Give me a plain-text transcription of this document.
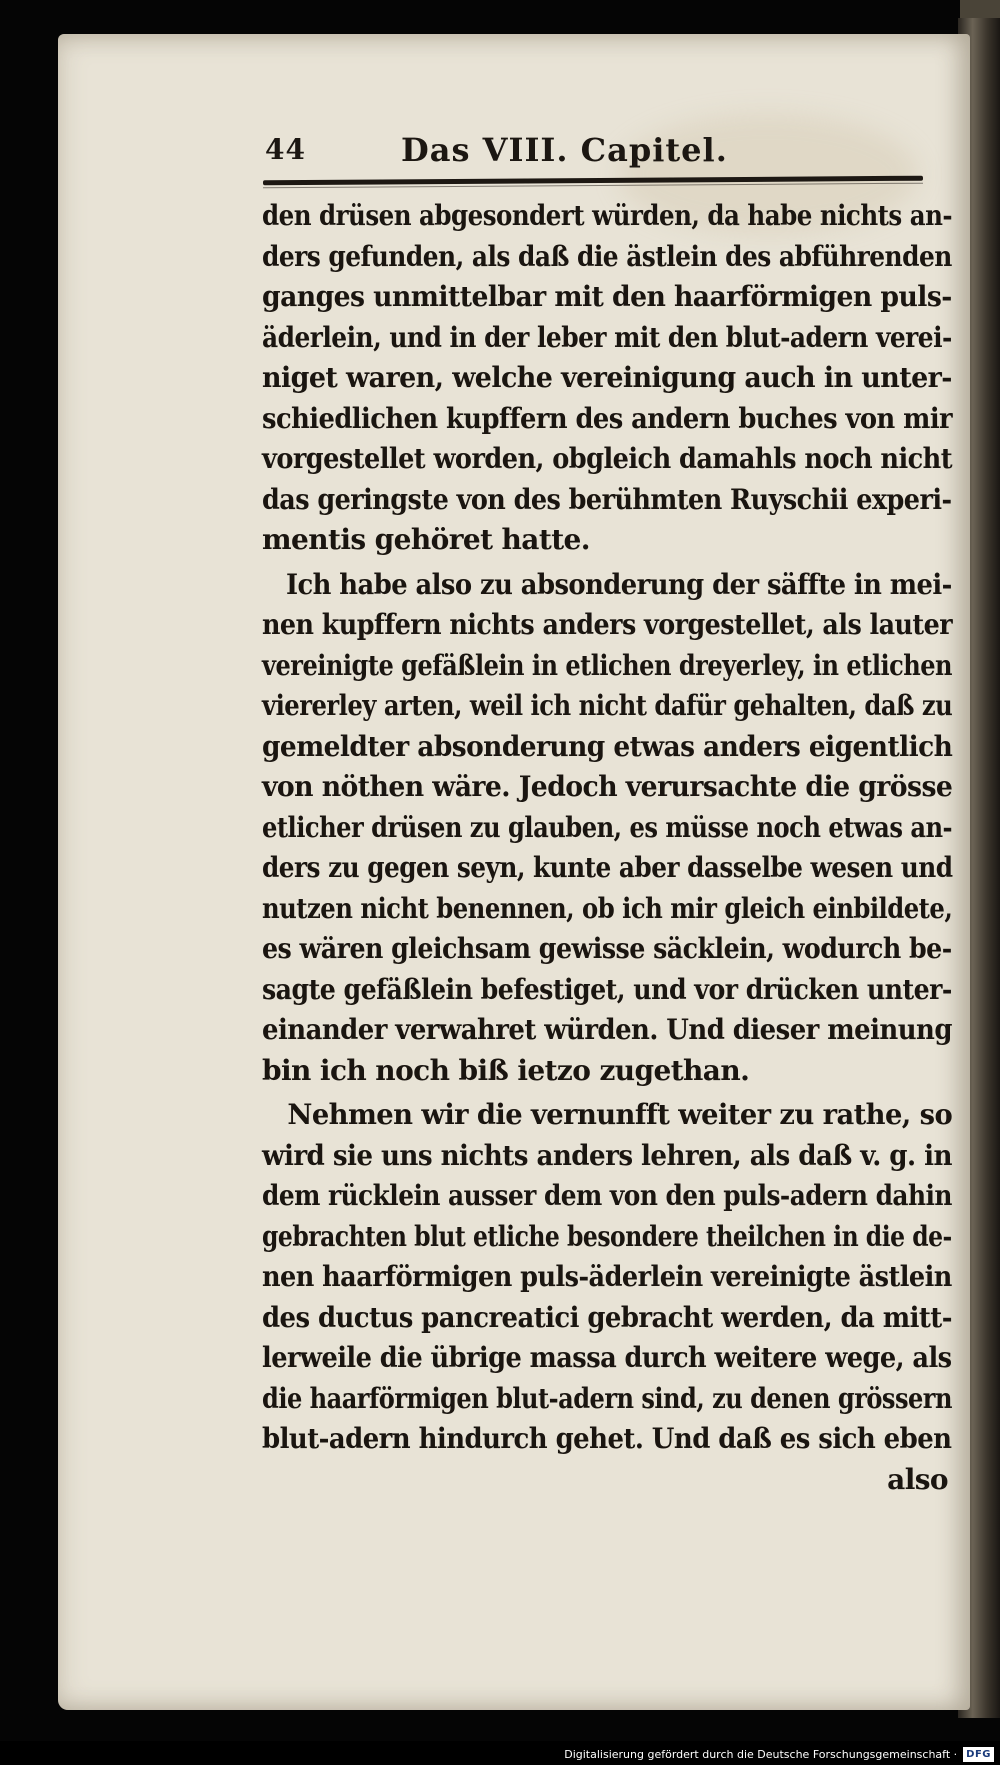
44	Das VIII. Capitel.
den drüsen abgesondert würden, da habe nichts an-
ders gefunden, als daß die ästlein des abführenden
ganges unmittelbar mit den haarförmigen puls-
äderlein, und in der leber mit den blut-adern verei-
niget waren, welche vereinigung auch in unter-
schiedlichen kupffern des andern buches von mir
vorgestellet worden, obgleich damahls noch nicht
das geringste von des berühmten Ruyschii experi-
mentis gehöret hatte.
Ich habe also zu absonderung der säffte in mei-
nen kupffern nichts anders vorgestellet, als lauter
vereinigte gefäßlein in etlichen dreyerley, in etlichen
viererley arten, weil ich nicht dafür gehalten, daß zu
gemeldter absonderung etwas anders eigentlich
von nöthen wäre. Jedoch verursachte die grösse
etlicher drüsen zu glauben, es müsse noch etwas an-
ders zu gegen seyn, kunte aber dasselbe wesen und
nutzen nicht benennen, ob ich mir gleich einbildete,
es wären gleichsam gewisse säcklein, wodurch be-
sagte gefäßlein befestiget, und vor drücken unter-
einander verwahret würden. Und dieser meinung
bin ich noch biß ietzo zugethan.
Nehmen wir die vernunfft weiter zu rathe, so
wird sie uns nichts anders lehren, als daß v. g. in
dem rücklein ausser dem von den puls-adern dahin
gebrachten blut etliche besondere theilchen in die de-
nen haarförmigen puls-äderlein vereinigte ästlein
des ductus pancreatici gebracht werden, da mitt-
lerweile die übrige massa durch weitere wege, als
die haarförmigen blut-adern sind, zu denen grössern
blut-adern hindurch gehet. Und daß es sich eben
also
Digitalisierung gefördert durch die Deutsche Forschungsgemeinschaft · DFG
